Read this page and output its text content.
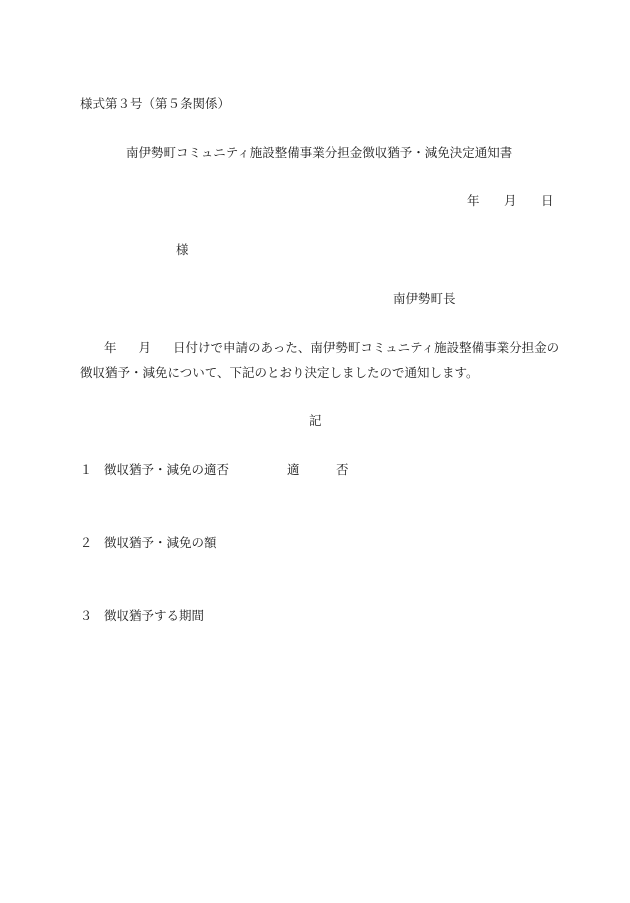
様式第３号（第５条関係）
南伊勢町コミュニティ施設整備事業分担金徴収猶予・減免決定通知書
年 月 日
様
南伊勢町長
年 月 日付けで申請のあった、南伊勢町コミュニティ施設整備事業分担金の
徴収猶予・減免について、下記のとおり決定しましたので通知します。
記
１ 徴収猶予・減免の適否	適	否
２ 徴収猶予・減免の額
３ 徴収猶予する期間
